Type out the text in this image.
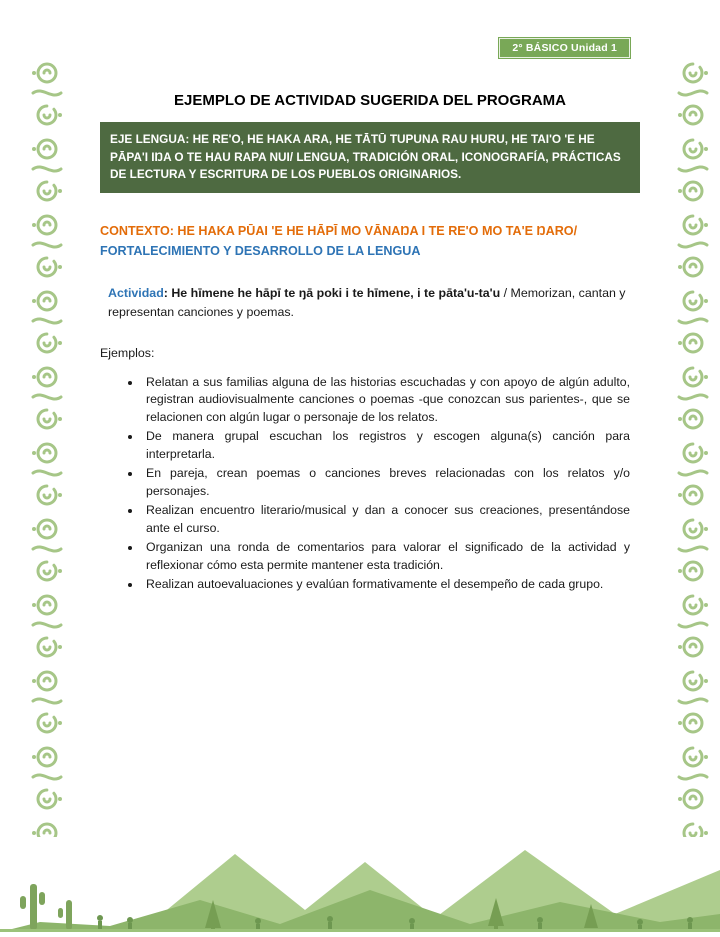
2° BÁSICO Unidad 1
EJEMPLO DE ACTIVIDAD SUGERIDA DEL PROGRAMA
EJE LENGUA: HE RE'O, HE HAKA ARA, HE TĀTŪ TUPUNA RAU HURU, HE TAI'O 'E HE PĀPA'I IŊA O TE HAU RAPA NUI/ LENGUA, TRADICIÓN ORAL, ICONOGRAFÍA, PRÁCTICAS DE LECTURA Y ESCRITURA DE LOS PUEBLOS ORIGINARIOS.
CONTEXTO: HE HAKA PŪAI 'E HE HĀPĪ MO VĀNAŊA I TE RE'O MO TA'E ŊARO/
FORTALECIMIENTO Y DESARROLLO DE LA LENGUA

Actividad: He hīmene he hāpī te ŋā poki i te hīmene, i te pāta'u-ta'u / Memorizan, cantan y representan canciones y poemas.

Ejemplos:
• Relatan a sus familias alguna de las historias escuchadas y con apoyo de algún adulto, registran audiovisualmente canciones o poemas -que conozcan sus parientes-, que se relacionen con algún lugar o personaje de los relatos.
• De manera grupal escuchan los registros y escogen alguna(s) canción para interpretarla.
• En pareja, crean poemas o canciones breves relacionadas con los relatos y/o personajes.
• Realizan encuentro literario/musical y dan a conocer sus creaciones, presentándose ante el curso.
• Organizan una ronda de comentarios para valorar el significado de la actividad y reflexionar cómo esta permite mantener esta tradición.
• Realizan autoevaluaciones y evalúan formativamente el desempeño de cada grupo.
